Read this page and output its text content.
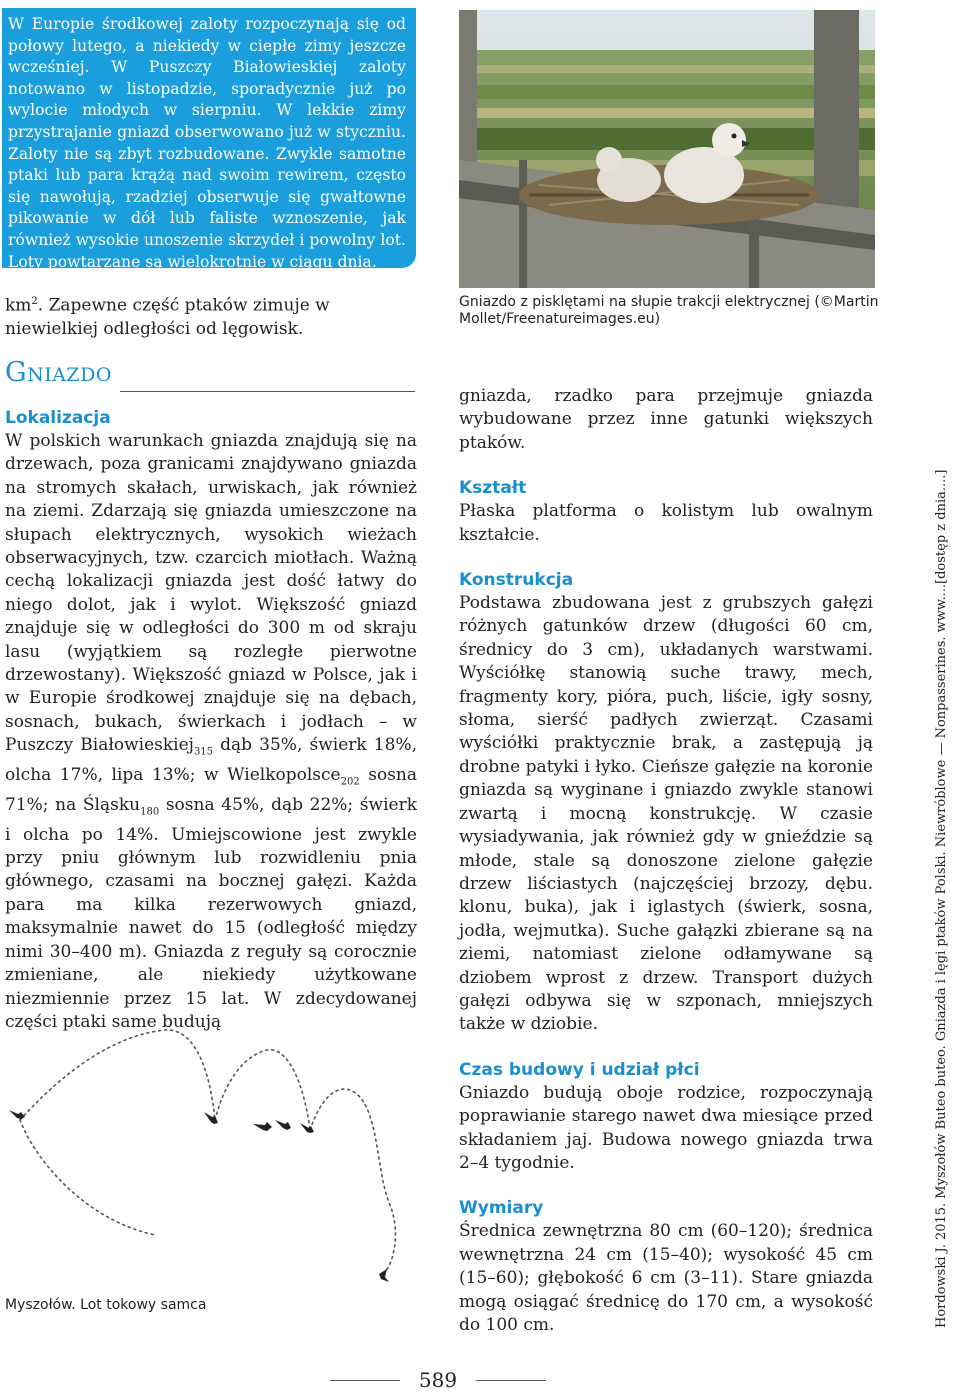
W Europie środkowej zaloty rozpoczynają się od połowy lutego, a niekiedy w ciepłe zimy jeszcze wcześniej. W Puszczy Białowieskiej zaloty notowano w listopadzie, sporadycznie już po wylocie młodych w sierpniu. W lekkie zimy przystrajanie gniazd obserwowano już w styczniu. Zaloty nie są zbyt rozbudowane. Zwykle samotne ptaki lub para krążą nad swoim rewirem, często się nawołują, rzadziej obserwuje się gwałtowne pikowanie w dół lub faliste wznoszenie, jak również wysokie unoszenie skrzydeł i powolny lot. Loty powtarzane są wielokrotnie w ciągu dnia.

Gniazdo z pisklętami na słupie trakcji elektrycznej (©Martin Mollet/Freenatureimages.eu)

$km^2$. Zapewne część ptaków zimuje w niewielkiej odległości od lęgowisk.

Gniazdo

Lokalizacja

W polskich warunkach gniazda znajdują się na drzewach, poza granicami znajdywano gniazda na stromych skałach, urwiskach, jak również na ziemi. Zdarzają się gniazda umieszczone na słupach elektrycznych, wysokich wieżach obserwacyjnych, tzw. czarcich miotłach. Ważną cechą lokalizacji gniazda jest dość łatwy do niego dolot, jak i wylot. Większość gniazd znajduje się w odległości do 300 m od skraju lasu (wyjątkiem są rozległe pierwotne drzewostany). Większość gniazd w Polsce, jak i w Europie środkowej znajduje się na dębach, sosnach, bukach, świerkach i jodłach – w Puszczy Białowieskiej$_{315}$ dąb 35%, świerk 18%, olcha 17%, lipa 13%; w Wielkopolsce$_{202}$ sosna 71%; na Śląsku$_{180}$ sosna 45%, dąb 22%; świerk i olcha po 14%. Umiejscowione jest zwykle przy pniu głównym lub rozwidleniu pnia głównego, czasami na bocznej gałęzi. Każda para ma kilka rezerwowych gniazd, maksymalnie nawet do 15 (odległość między nimi 30–400 m). Gniazda z reguły są corocznie zmieniane, ale niekiedy użytkowane niezmiennie przez 15 lat. W zdecydowanej części ptaki same budują

Myszołów. Lot tokowy samca

gniazda, rzadko para przejmuje gniazda wybudowane przez inne gatunki większych ptaków.

Kształt

Płaska platforma o kolistym lub owalnym kształcie.

Konstrukcja

Podstawa zbudowana jest z grubszych gałęzi różnych gatunków drzew (długości 60 cm, średnicy do 3 cm), układanych warstwami. Wyściółkę stanowią suche trawy, mech, fragmenty kory, pióra, puch, liście, igły sosny, słoma, sierść padłych zwierząt. Czasami wyściółki praktycznie brak, a zastępują ją drobne patyki i łyko. Cieńsze gałęzie na koronie gniazda są wyginane i gniazdo zwykle stanowi zwartą i mocną konstrukcję. W czasie wysiadywania, jak również gdy w gnieździe są młode, stale są donoszone zielone gałęzie drzew liściastych (najczęściej brzozy, dębu. klonu, buka), jak i iglastych (świerk, sosna, jodła, wejmutka). Suche gałązki zbierane są na ziemi, natomiast zielone odłamywane są dziobem wprost z drzew. Transport dużych gałęzi odbywa się w szponach, mniejszych także w dziobie.

Czas budowy i udział płci

Gniazdo budują oboje rodzice, rozpoczynają poprawianie starego nawet dwa miesiące przed składaniem jaj. Budowa nowego gniazda trwa 2–4 tygodnie.

Wymiary

Średnica zewnętrzna 80 cm (60–120); średnica wewnętrzna 24 cm (15–40); wysokość 45 cm (15–60); głębokość 6 cm (3–11). Stare gniazda mogą osiągać średnicę do 170 cm, a wysokość do 100 cm.	Hordowski J. 2015. Myszołów Buteo buteo. Gniazda i lęgi ptaków Polski. Niewróblowe — Nonpasserines. www....[dostęp z dnia....]
589
